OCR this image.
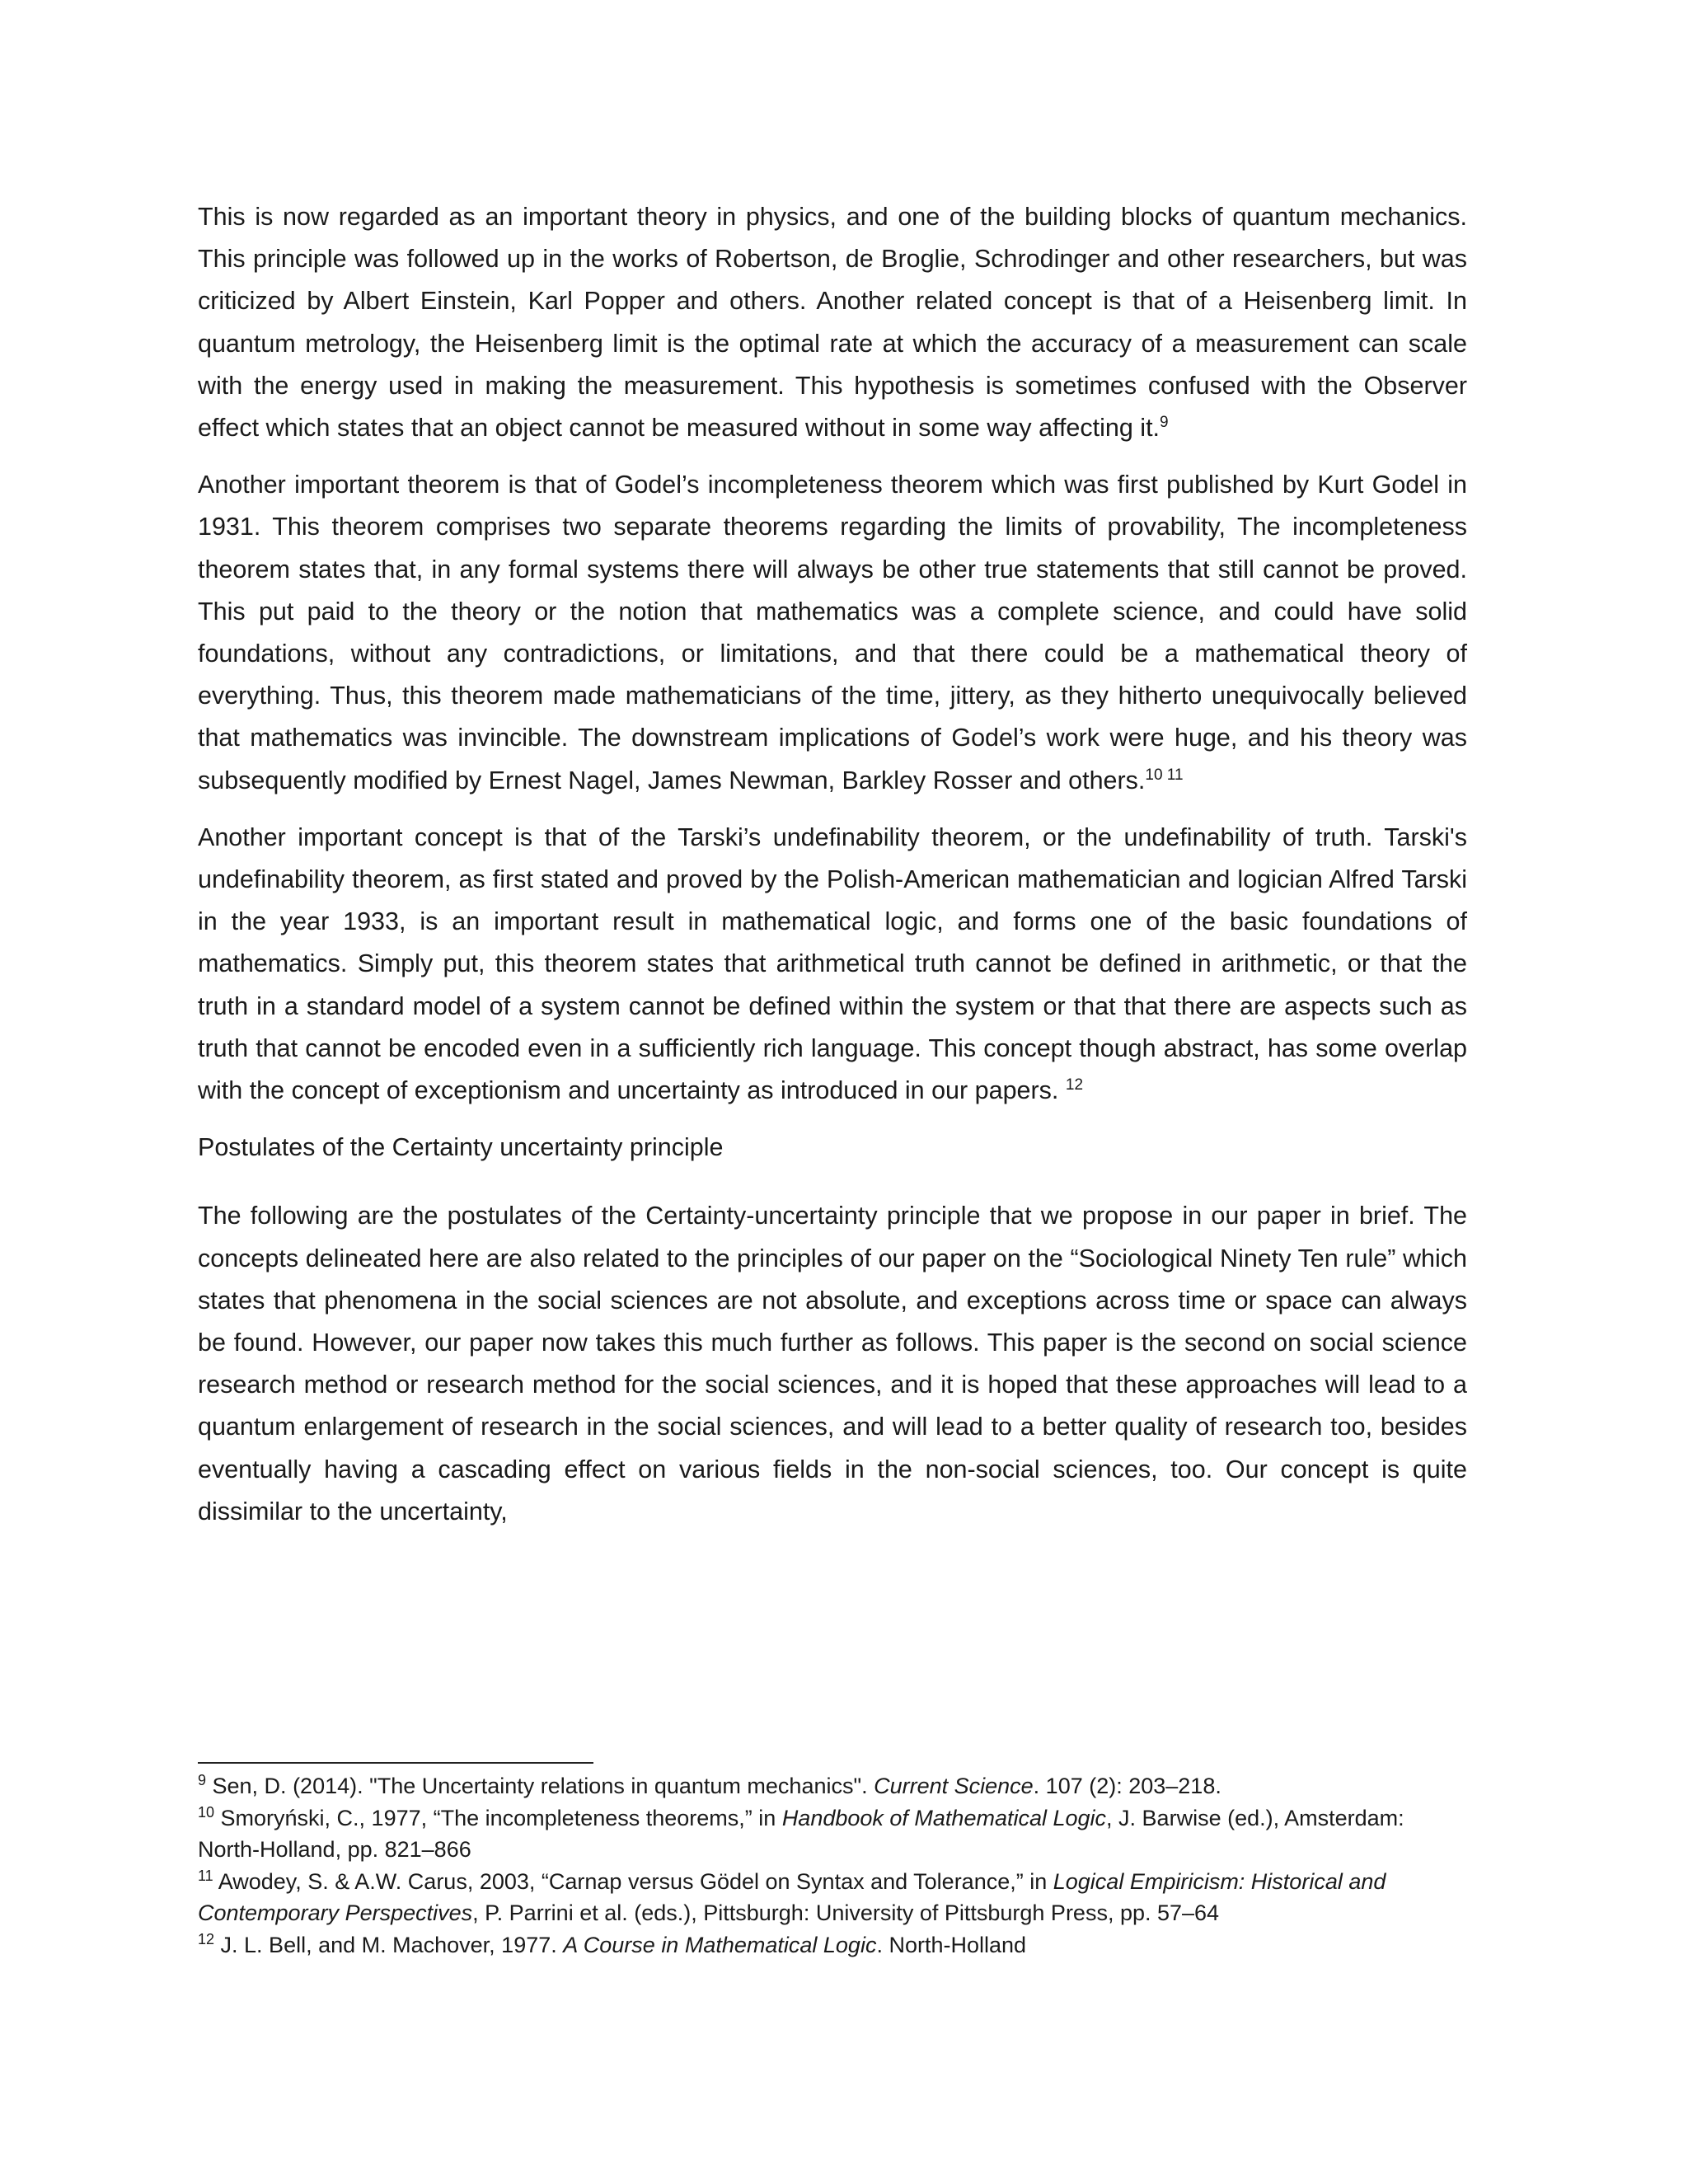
This is now regarded as an important theory in physics, and one of the building blocks of quantum mechanics. This principle was followed up in the works of Robertson, de Broglie, Schrodinger and other researchers, but was criticized by Albert Einstein, Karl Popper and others. Another related concept is that of a Heisenberg limit. In quantum metrology, the Heisenberg limit is the optimal rate at which the accuracy of a measurement can scale with the energy used in making the measurement. This hypothesis is sometimes confused with the Observer effect which states that an object cannot be measured without in some way affecting it.$^9$

Another important theorem is that of Godel’s incompleteness theorem which was first published by Kurt Godel in 1931. This theorem comprises two separate theorems regarding the limits of provability, The incompleteness theorem states that, in any formal systems there will always be other true statements that still cannot be proved. This put paid to the theory or the notion that mathematics was a complete science, and could have solid foundations, without any contradictions, or limitations, and that there could be a mathematical theory of everything. Thus, this theorem made mathematicians of the time, jittery, as they hitherto unequivocally believed that mathematics was invincible. The downstream implications of Godel’s work were huge, and his theory was subsequently modified by Ernest Nagel, James Newman, Barkley Rosser and others.$^{10 11}$

Another important concept is that of the Tarski’s undefinability theorem, or the undefinability of truth. Tarski's undefinability theorem, as first stated and proved by the Polish-American mathematician and logician Alfred Tarski in the year 1933, is an important result in mathematical logic, and forms one of the basic foundations of mathematics. Simply put, this theorem states that arithmetical truth cannot be defined in arithmetic, or that the truth in a standard model of a system cannot be defined within the system or that that there are aspects such as truth that cannot be encoded even in a sufficiently rich language. This concept though abstract, has some overlap with the concept of exceptionism and uncertainty as introduced in our papers. $^{12}$

Postulates of the Certainty uncertainty principle

The following are the postulates of the Certainty-uncertainty principle that we propose in our paper in brief. The concepts delineated here are also related to the principles of our paper on the “Sociological Ninety Ten rule” which states that phenomena in the social sciences are not absolute, and exceptions across time or space can always be found. However, our paper now takes this much further as follows. This paper is the second on social science research method or research method for the social sciences, and it is hoped that these approaches will lead to a quantum enlargement of research in the social sciences, and will lead to a better quality of research too, besides eventually having a cascading effect on various fields in the non-social sciences, too. Our concept is quite dissimilar to the uncertainty,

$^9$ Sen, D. (2014). "The Uncertainty relations in quantum mechanics". Current Science. 107 (2): 203–218.

$^{10}$ Smoryński, C., 1977, “The incompleteness theorems,” in Handbook of Mathematical Logic, J. Barwise (ed.), Amsterdam: North-Holland, pp. 821–866

$^{11}$ Awodey, S. & A.W. Carus, 2003, “Carnap versus Gödel on Syntax and Tolerance,” in Logical Empiricism: Historical and Contemporary Perspectives, P. Parrini et al. (eds.), Pittsburgh: University of Pittsburgh Press, pp. 57–64

$^{12}$ J. L. Bell, and M. Machover, 1977. A Course in Mathematical Logic. North-Holland
